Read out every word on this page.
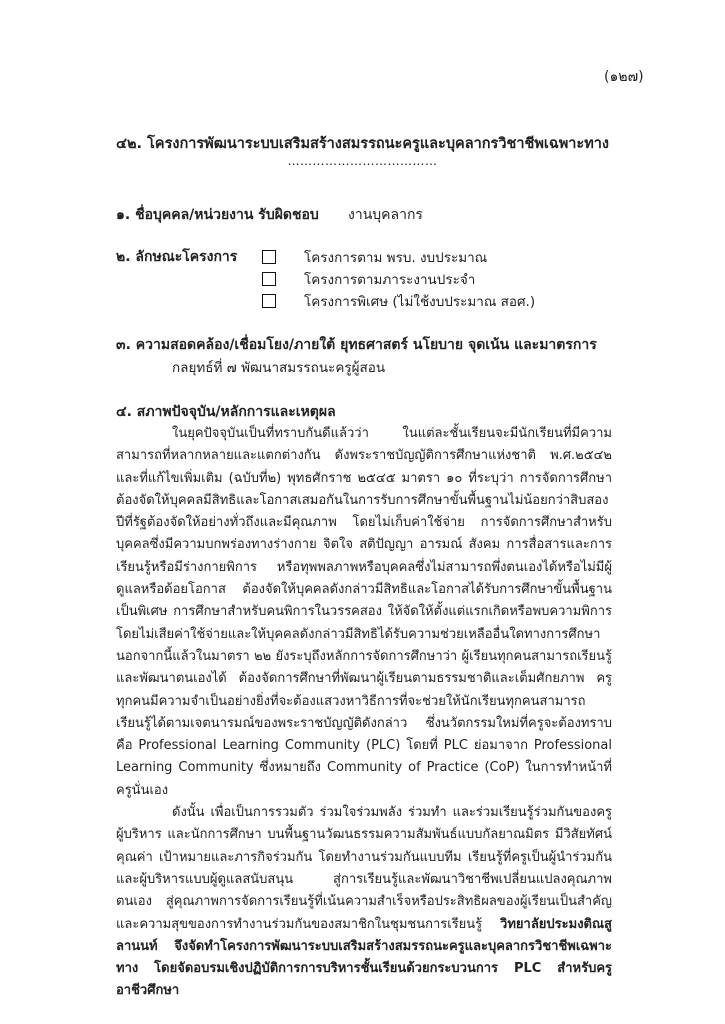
(๑๒๗)
๔๒. โครงการพัฒนาระบบเสริมสร้างสมรรถนะครูและบุคลากรวิชาชีพเฉพาะทาง
………………………………
๑. ชื่อบุคคล/หน่วยงาน รับผิดชอบ งานบุคลากร
๒. ลักษณะโครงการ	โครงการตาม พรบ. งบประมาณ
โครงการตามภาระงานประจำ
โครงการพิเศษ (ไม่ใช้งบประมาณ สอศ.)
๓. ความสอดคล้อง/เชื่อมโยง/ภายใต้ ยุทธศาสตร์ นโยบาย จุดเน้น และมาตรการ
กลยุทธ์ที่ ๗ พัฒนาสมรรถนะครูผู้สอน
๔. สภาพปัจจุบัน/หลักการและเหตุผล

ในยุคปัจจุบันเป็นที่ทราบกันดีแล้วว่า ในแต่ละชั้นเรียนจะมีนักเรียนที่มีความสามารถที่หลากหลายและแตกต่างกัน ดังพระราชบัญญัติการศึกษาแห่งชาติ พ.ศ.๒๕๔๒ และที่แก้ไขเพิ่มเติม (ฉบับที่๒) พุทธศักราช ๒๕๔๕ มาตรา ๑๐ ที่ระบุว่า การจัดการศึกษาต้องจัดให้บุคคลมีสิทธิและโอกาสเสมอกันในการรับการศึกษาขั้นพื้นฐานไม่น้อยกว่าสิบสองปีที่รัฐต้องจัดให้อย่างทั่วถึงและมีคุณภาพ โดยไม่เก็บค่าใช้จ่าย การจัดการศึกษาสำหรับบุคคลซึ่งมีความบกพร่องทางร่างกาย จิตใจ สติปัญญา อารมณ์ สังคม การสื่อสารและการเรียนรู้หรือมีร่างกายพิการ หรือทุพพลภาพหรือบุคคลซึ่งไม่สามารถพึ่งตนเองได้หรือไม่มีผู้ดูแลหรือด้อยโอกาส ต้องจัดให้บุคคลดังกล่าวมีสิทธิและโอกาสได้รับการศึกษาขั้นพื้นฐานเป็นพิเศษ การศึกษาสำหรับคนพิการในวรรคสอง ให้จัดให้ตั้งแต่แรกเกิดหรือพบความพิการโดยไม่เสียค่าใช้จ่ายและให้บุคคลดังกล่าวมีสิทธิได้รับความช่วยเหลืออื่นใดทางการศึกษา นอกจากนี้แล้วในมาตรา ๒๒ ยังระบุถึงหลักการจัดการศึกษาว่า ผู้เรียนทุกคนสามารถเรียนรู้และพัฒนาตนเองได้ ต้องจัดการศึกษาที่พัฒนาผู้เรียนตามธรรมชาติและเต็มศักยภาพ ครูทุกคนมีความจำเป็นอย่างยิ่งที่จะต้องแสวงหาวิธีการที่จะช่วยให้นักเรียนทุกคนสามารถเรียนรู้ได้ตามเจตนารมณ์ของพระราชบัญญัติดังกล่าว ซึ่งนวัตกรรมใหม่ที่ครูจะต้องทราบคือ Professional Learning Community (PLC) โดยที่ PLC ย่อมาจาก Professional Learning Community ซึ่งหมายถึง Community of Practice (CoP) ในการทำหน้าที่ครูนั่นเอง

ดังนั้น เพื่อเป็นการรวมตัว ร่วมใจร่วมพลัง ร่วมทำ และร่วมเรียนรู้ร่วมกันของครู ผู้บริหาร และนักการศึกษา บนพื้นฐานวัฒนธรรมความสัมพันธ์แบบกัลยาณมิตร มีวิสัยทัศน์ คุณค่า เป้าหมายและภารกิจร่วมกัน โดยทำงานร่วมกันแบบทีม เรียนรู้ที่ครูเป็นผู้นำร่วมกัน และผู้บริหารแบบผู้ดูแลสนับสนุน สู่การเรียนรู้และพัฒนาวิชาชีพเปลี่ยนแปลงคุณภาพตนเอง สู่คุณภาพการจัดการเรียนรู้ที่เน้นความสำเร็จหรือประสิทธิผลของผู้เรียนเป็นสำคัญและความสุขของการทำงานร่วมกันของสมาชิกในชุมชนการเรียนรู้ วิทยาลัยประมงติณสูลานนท์ จึงจัดทำโครงการพัฒนาระบบเสริมสร้างสมรรถนะครูและบุคลากรวิชาชีพเฉพาะทาง โดยจัดอบรมเชิงปฏิบัติการการบริหารชั้นเรียนด้วยกระบวนการ PLC สำหรับครูอาชีวศึกษา
